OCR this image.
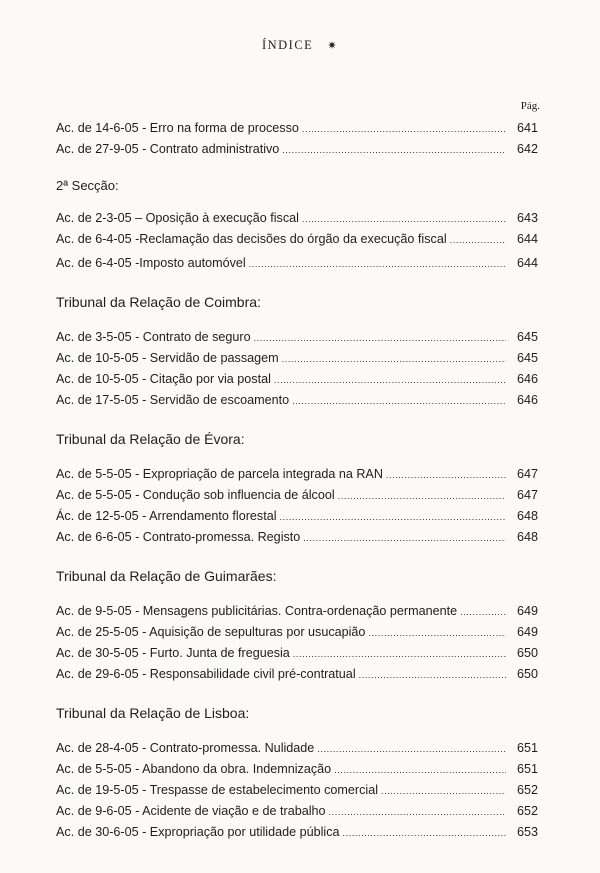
ÍNDICE ✷
Pág.
Ac. de 14-6-05 - Erro na forma de processo .....	641
Ac. de 27-9-05 - Contrato administrativo .....	642
2ª Secção:
Ac. de 2-3-05 – Oposição à execução fiscal .....	643
Ac. de 6-4-05 -Reclamação das decisões do órgão da execução fiscal .....	644
Ac. de 6-4-05 -Imposto automóvel .....	644
Tribunal da Relação de Coimbra:
Ac. de 3-5-05 - Contrato de seguro .....	645
Ac. de 10-5-05 - Servidão de passagem .....	645
Ac. de 10-5-05 - Citação por via postal .....	646
Ac. de 17-5-05 - Servidão de escoamento .....	646
Tribunal da Relação de Évora:
Ac. de 5-5-05 - Expropriação de parcela integrada na RAN .....	647
Ac. de 5-5-05 - Condução sob influencia de álcool .....	647
Ác. de 12-5-05 - Arrendamento florestal .....	648
Ac. de 6-6-05 - Contrato-promessa. Registo .....	648
Tribunal da Relação de Guimarães:
Ac. de 9-5-05 - Mensagens publicitárias. Contra-ordenação permanente .....	649
Ac. de 25-5-05 - Aquisição de sepulturas por usucapião .....	649
Ac. de 30-5-05 - Furto. Junta de freguesia .....	650
Ac. de 29-6-05 - Responsabilidade civil pré-contratual .....	650
Tribunal da Relação de Lisboa:
Ac. de 28-4-05 - Contrato-promessa. Nulidade .....	651
Ac. de 5-5-05 - Abandono da obra. Indemnização .....	651
Ac. de 19-5-05 - Trespasse de estabelecimento comercial .....	652
Ac. de 9-6-05 - Acidente de viação e de trabalho .....	652
Ac. de 30-6-05 - Expropriação por utilidade pública .....	653
